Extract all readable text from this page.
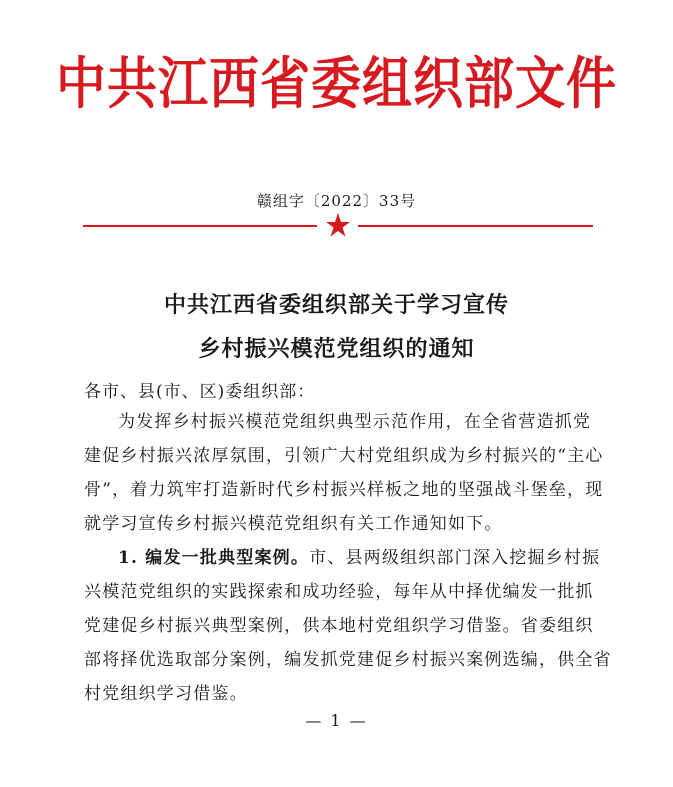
中共江西省委组织部文件
赣组字〔2022〕33号
中共江西省委组织部关于学习宣传
乡村振兴模范党组织的通知
各市、县(市、区)委组织部：
为发挥乡村振兴模范党组织典型示范作用，在全省营造抓党
建促乡村振兴浓厚氛围，引领广大村党组织成为乡村振兴的“主心
骨”，着力筑牢打造新时代乡村振兴样板之地的坚强战斗堡垒，现
就学习宣传乡村振兴模范党组织有关工作通知如下。
1. 编发一批典型案例。市、县两级组织部门深入挖掘乡村振
兴模范党组织的实践探索和成功经验，每年从中择优编发一批抓
党建促乡村振兴典型案例，供本地村党组织学习借鉴。省委组织
部将择优选取部分案例，编发抓党建促乡村振兴案例选编，供全省
村党组织学习借鉴。
— 1 —
